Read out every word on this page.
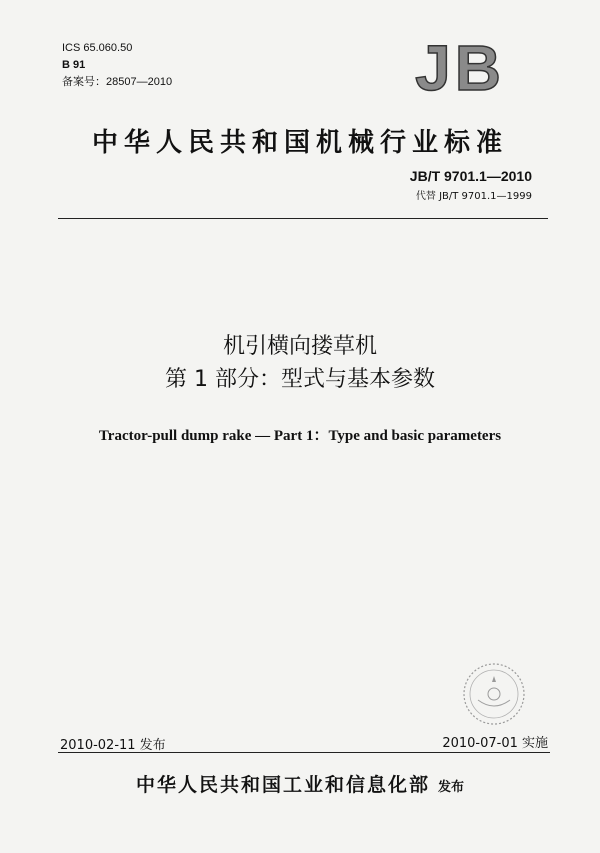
ICS 65.060.50
B 91
备案号：28507—2010	JB
中华人民共和国机械行业标准
JB/T 9701.1—2010
代替 JB/T 9701.1—1999
机引横向搂草机
第 1 部分：型式与基本参数
Tractor-pull dump rake — Part 1：Type and basic parameters
2010-02-11 发布	2010-07-01 实施
中华人民共和国工业和信息化部 发布
